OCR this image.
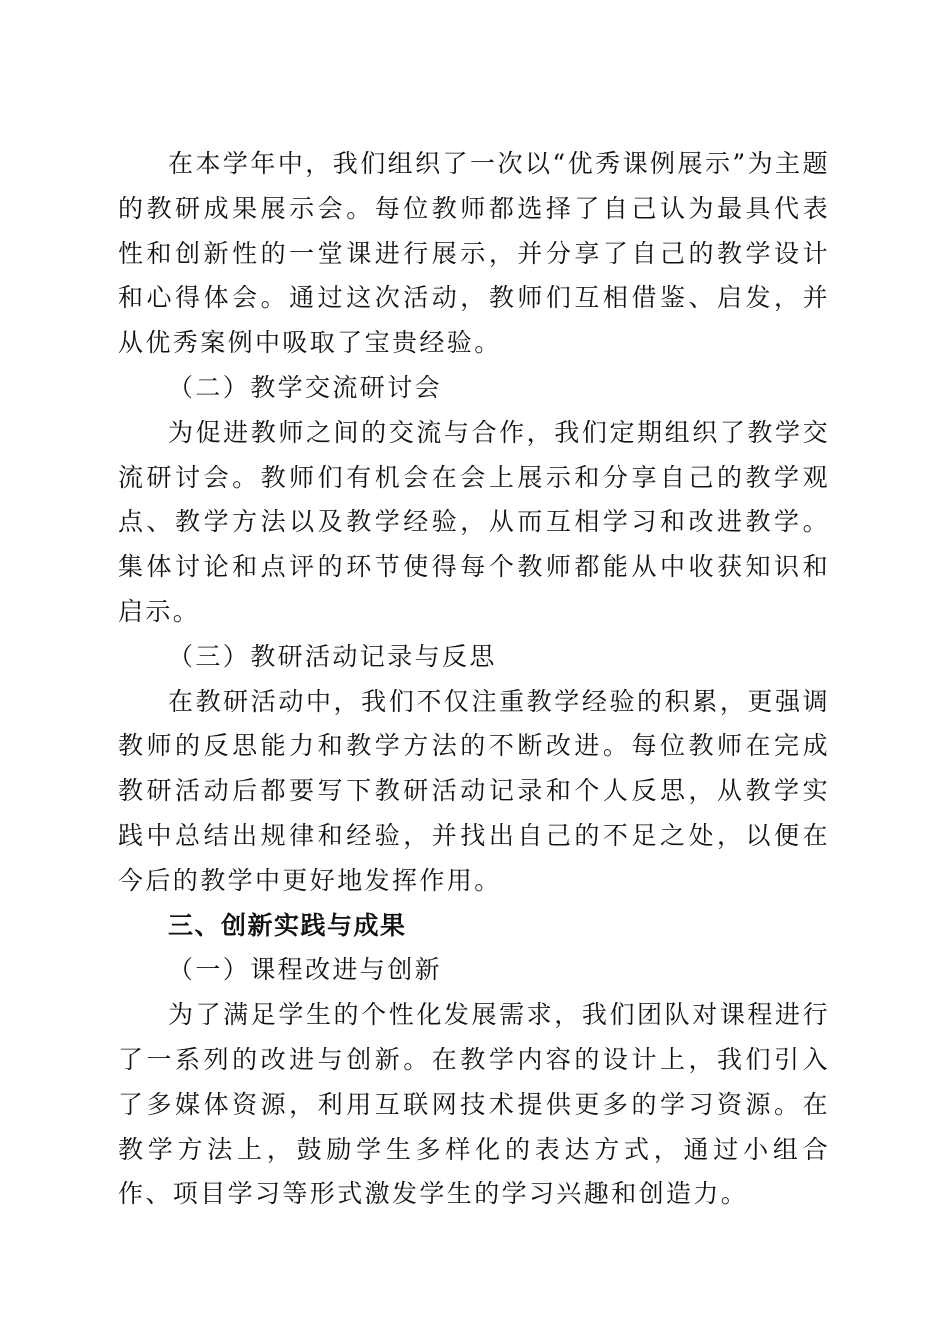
在本学年中，我们组织了一次以“优秀课例展示”为主题的教研成果展示会。每位教师都选择了自己认为最具代表性和创新性的一堂课进行展示，并分享了自己的教学设计和心得体会。通过这次活动，教师们互相借鉴、启发，并从优秀案例中吸取了宝贵经验。

（二）教学交流研讨会

为促进教师之间的交流与合作，我们定期组织了教学交流研讨会。教师们有机会在会上展示和分享自己的教学观点、教学方法以及教学经验，从而互相学习和改进教学。集体讨论和点评的环节使得每个教师都能从中收获知识和启示。

（三）教研活动记录与反思

在教研活动中，我们不仅注重教学经验的积累，更强调教师的反思能力和教学方法的不断改进。每位教师在完成教研活动后都要写下教研活动记录和个人反思，从教学实践中总结出规律和经验，并找出自己的不足之处，以便在今后的教学中更好地发挥作用。

三、创新实践与成果

（一）课程改进与创新

为了满足学生的个性化发展需求，我们团队对课程进行了一系列的改进与创新。在教学内容的设计上，我们引入了多媒体资源，利用互联网技术提供更多的学习资源。在教学方法上，鼓励学生多样化的表达方式，通过小组合作、项目学习等形式激发学生的学习兴趣和创造力。
